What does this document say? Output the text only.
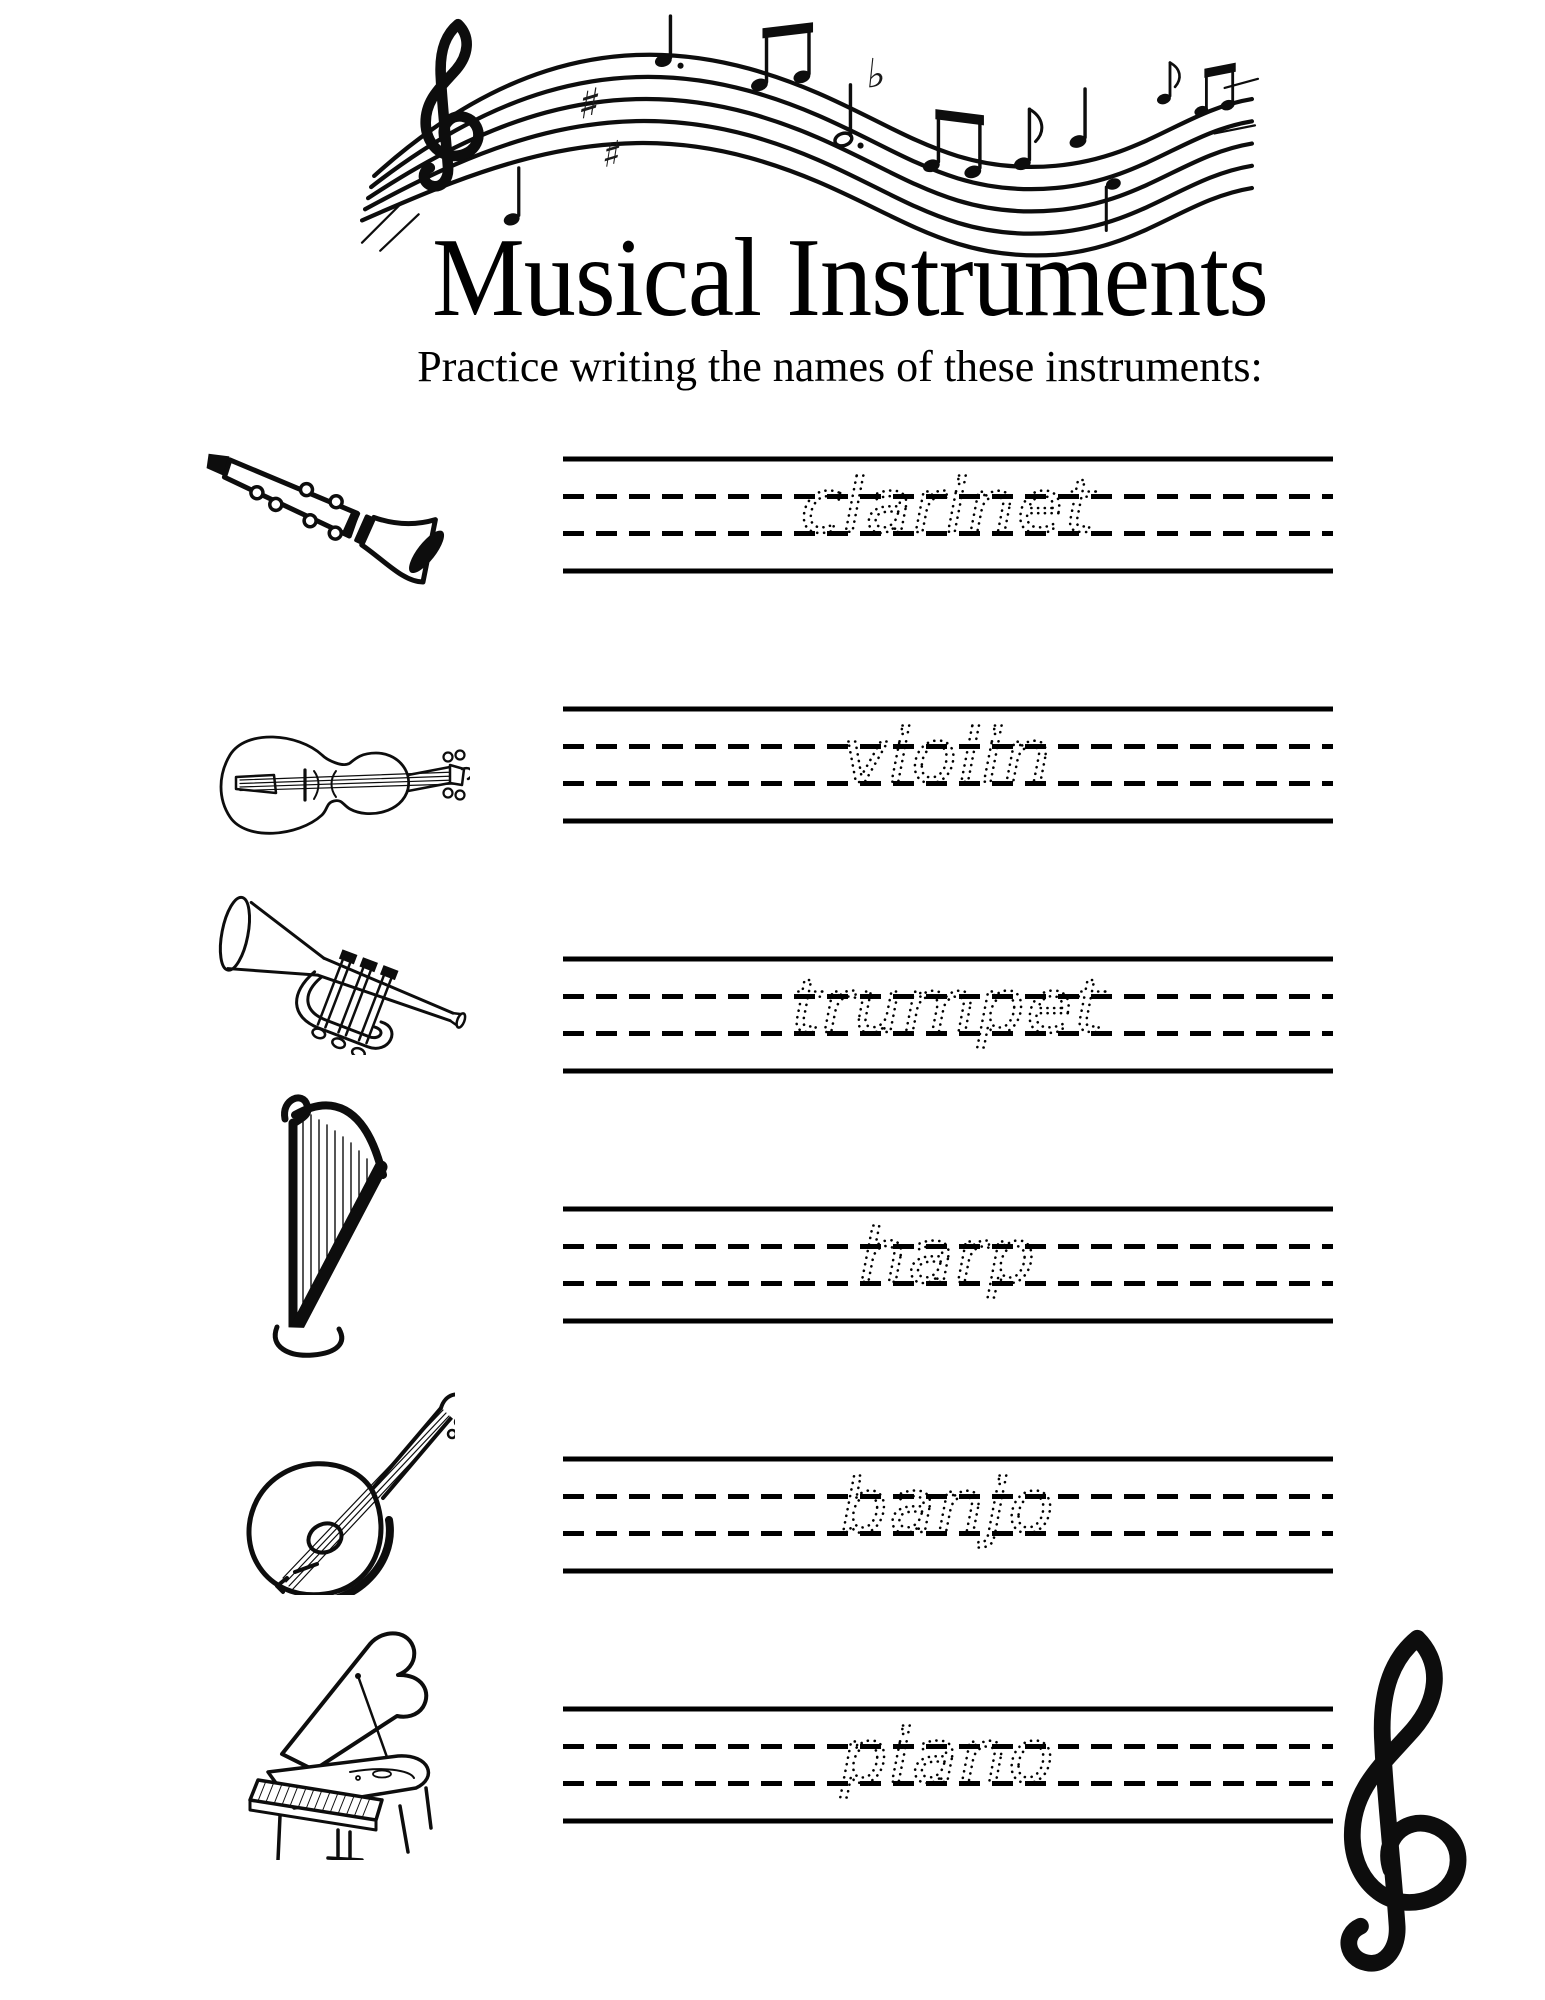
♯
♯
♭
Musical Instruments
Practice writing the names of these instruments:
clarinet
violin
trumpet
harp
banjo
piano
